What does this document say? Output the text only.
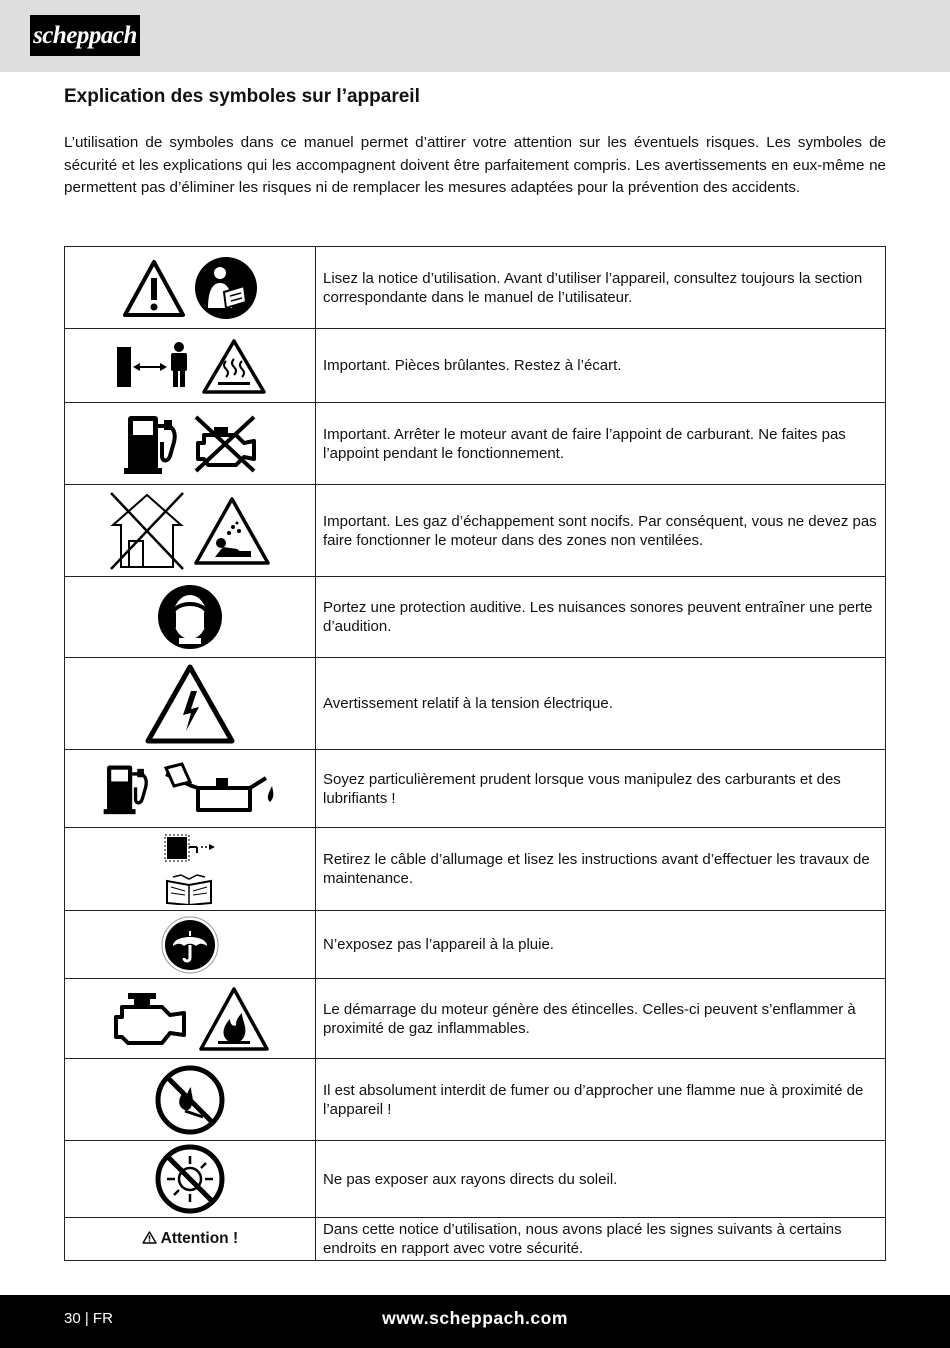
scheppach
Explication des symboles sur l’appareil

L’utilisation de symboles dans ce manuel permet d’attirer votre attention sur les éventuels risques. Les symboles de sécurité et les explications qui les accompagnent doivent être parfaitement compris. Les avertissements en eux-même ne permettent pas d’éliminer les risques ni de remplacer les mesures adaptées pour la prévention des accidents.

	Lisez la notice d’utilisation. Avant d’utiliser l’appareil, consultez toujours la section correspondante dans le manuel de l’utilisateur.
	Important. Pièces brûlantes. Restez à l’écart.
	Important. Arrêter le moteur avant de faire l’appoint de carburant. Ne faites pas l’appoint pendant le fonctionnement.
	Important. Les gaz d’échappement sont nocifs. Par conséquent, vous ne devez pas faire fonctionner le moteur dans des zones non ventilées.
	Portez une protection auditive. Les nuisances sonores peuvent entraîner une perte d’audition.
	Avertissement relatif à la tension électrique.
	Soyez particulièrement prudent lorsque vous manipulez des carburants et des lubrifiants !
	Retirez le câble d’allumage et lisez les instructions avant d’effectuer les travaux de maintenance.
	N’exposez pas l’appareil à la pluie.
	Le démarrage du moteur génère des étincelles. Celles-ci peuvent s’enflammer à proximité de gaz inflammables.
	Il est absolument interdit de fumer ou d’approcher une flamme nue à proximité de l’appareil !
	Ne pas exposer aux rayons directs du soleil.
Attention !	Dans cette notice d’utilisation, nous avons placé les signes suivants à certains endroits en rapport avec votre sécurité.
30 | FR	www.scheppach.com
